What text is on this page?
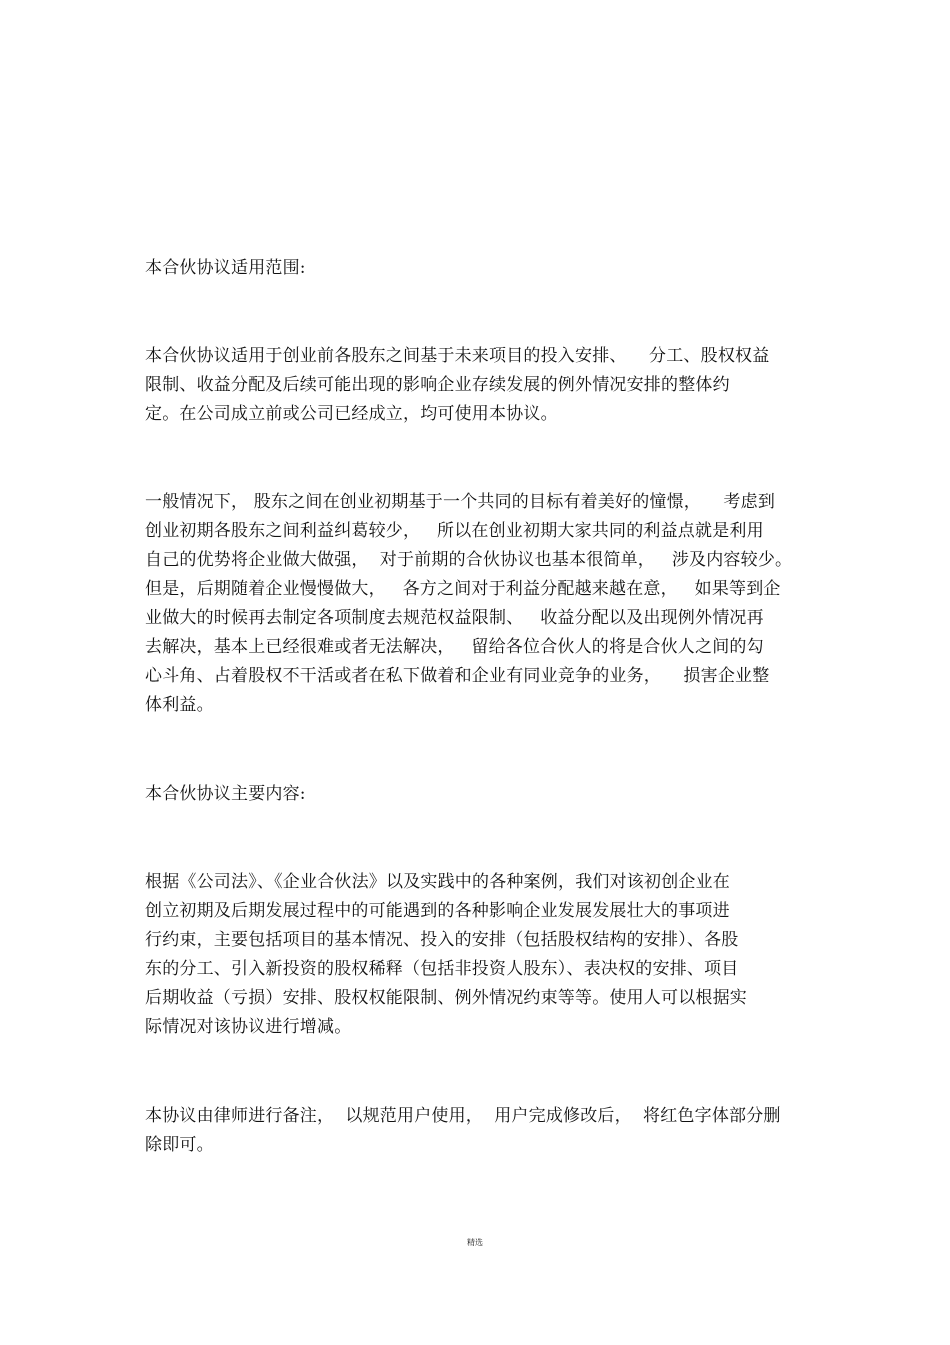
本合伙协议适用范围:
本合伙协议适用于创业前各股东之间基于未来项目的投入安排、    分工、股权权益
限制、收益分配及后续可能出现的影响企业存续发展的例外情况安排的整体约
定。在公司成立前或公司已经成立，均可使用本协议。
一般情况下， 股东之间在创业初期基于一个共同的目标有着美好的憧憬，    考虑到
创业初期各股东之间利益纠葛较少，   所以在创业初期大家共同的利益点就是利用
自己的优势将企业做大做强，  对于前期的合伙协议也基本很简单，   涉及内容较少。
但是，后期随着企业慢慢做大，   各方之间对于利益分配越来越在意，   如果等到企
业做大的时候再去制定各项制度去规范权益限制、   收益分配以及出现例外情况再
去解决，基本上已经很难或者无法解决，   留给各位合伙人的将是合伙人之间的勾
心斗角、占着股权不干活或者在私下做着和企业有同业竞争的业务，    损害企业整
体利益。
本合伙协议主要内容:
根据《公司法》、《企业合伙法》以及实践中的各种案例，我们对该初创企业在
创立初期及后期发展过程中的可能遇到的各种影响企业发展发展壮大的事项进
行约束，主要包括项目的基本情况、投入的安排（包括股权结构的安排）、各股
东的分工、引入新投资的股权稀释（包括非投资人股东）、表决权的安排、项目
后期收益（亏损）安排、股权权能限制、例外情况约束等等。使用人可以根据实
际情况对该协议进行增减。
本协议由律师进行备注，  以规范用户使用，  用户完成修改后，  将红色字体部分删
除即可。
精选
